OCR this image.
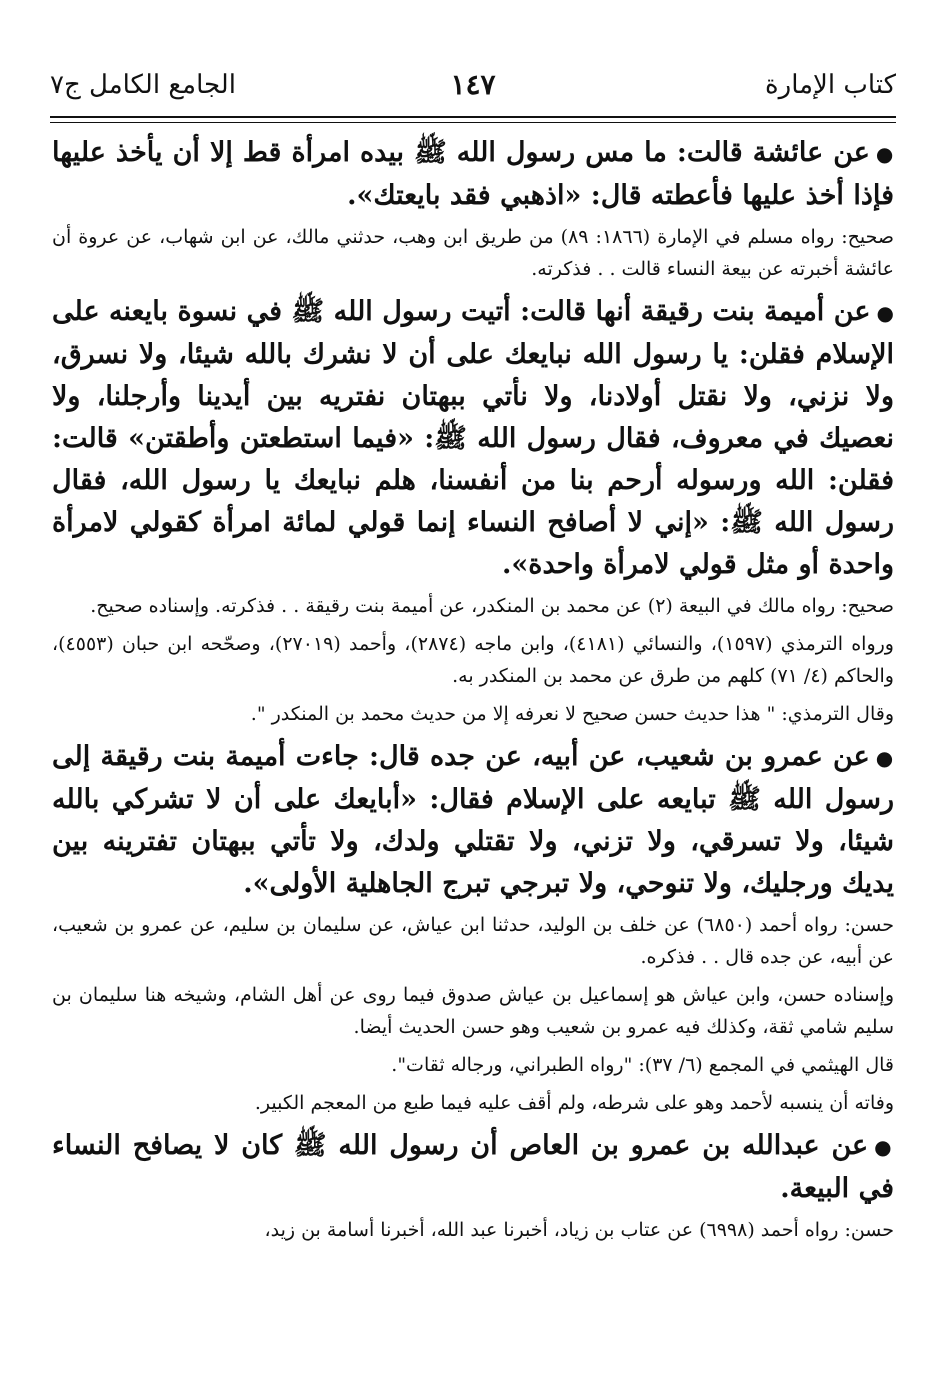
كتاب الإمارة
١٤٧
الجامع الكامل ج٧

●عن عائشة قالت: ما مس رسول الله ﷺ بيده امرأة قط إلا أن يأخذ عليها فإذا أخذ عليها فأعطته قال: «اذهبي فقد بايعتك».

صحيح: رواه مسلم في الإمارة (١٨٦٦: ٨٩) من طريق ابن وهب، حدثني مالك، عن ابن شهاب، عن عروة أن عائشة أخبرته عن بيعة النساء قالت . . فذكرته.

●عن أميمة بنت رقيقة أنها قالت: أتيت رسول الله ﷺ في نسوة بايعنه على الإسلام فقلن: يا رسول الله نبايعك على أن لا نشرك بالله شيئا، ولا نسرق، ولا نزني، ولا نقتل أولادنا، ولا نأتي ببهتان نفتريه بين أيدينا وأرجلنا، ولا نعصيك في معروف، فقال رسول الله ﷺ: «فيما استطعتن وأطقتن» قالت: فقلن: الله ورسوله أرحم بنا من أنفسنا، هلم نبايعك يا رسول الله، فقال رسول الله ﷺ: «إني لا أصافح النساء إنما قولي لمائة امرأة كقولي لامرأة واحدة أو مثل قولي لامرأة واحدة».

صحيح: رواه مالك في البيعة (٢) عن محمد بن المنكدر، عن أميمة بنت رقيقة . . فذكرته. وإسناده صحيح.

ورواه الترمذي (١٥٩٧)، والنسائي (٤١٨١)، وابن ماجه (٢٨٧٤)، وأحمد (٢٧٠١٩)، وصحّحه ابن حبان (٤٥٥٣)، والحاكم (٤/ ٧١) كلهم من طرق عن محمد بن المنكدر به.

وقال الترمذي: " هذا حديث حسن صحيح لا نعرفه إلا من حديث محمد بن المنكدر ".

●عن عمرو بن شعيب، عن أبيه، عن جده قال: جاءت أميمة بنت رقيقة إلى رسول الله ﷺ تبايعه على الإسلام فقال: «أبايعك على أن لا تشركي بالله شيئا، ولا تسرقي، ولا تزني، ولا تقتلي ولدك، ولا تأتي ببهتان تفترينه بين يديك ورجليك، ولا تنوحي، ولا تبرجي تبرج الجاهلية الأولى».

حسن: رواه أحمد (٦٨٥٠) عن خلف بن الوليد، حدثنا ابن عياش، عن سليمان بن سليم، عن عمرو بن شعيب، عن أبيه، عن جده قال . . فذكره.

وإسناده حسن، وابن عياش هو إسماعيل بن عياش صدوق فيما روى عن أهل الشام، وشيخه هنا سليمان بن سليم شامي ثقة، وكذلك فيه عمرو بن شعيب وهو حسن الحديث أيضا.

قال الهيثمي في المجمع (٦/ ٣٧): "رواه الطبراني، ورجاله ثقات".

وفاته أن ينسبه لأحمد وهو على شرطه، ولم أقف عليه فيما طبع من المعجم الكبير.

●عن عبدالله بن عمرو بن العاص أن رسول الله ﷺ كان لا يصافح النساء في البيعة.

حسن: رواه أحمد (٦٩٩٨) عن عتاب بن زياد، أخبرنا عبد الله، أخبرنا أسامة بن زيد،
